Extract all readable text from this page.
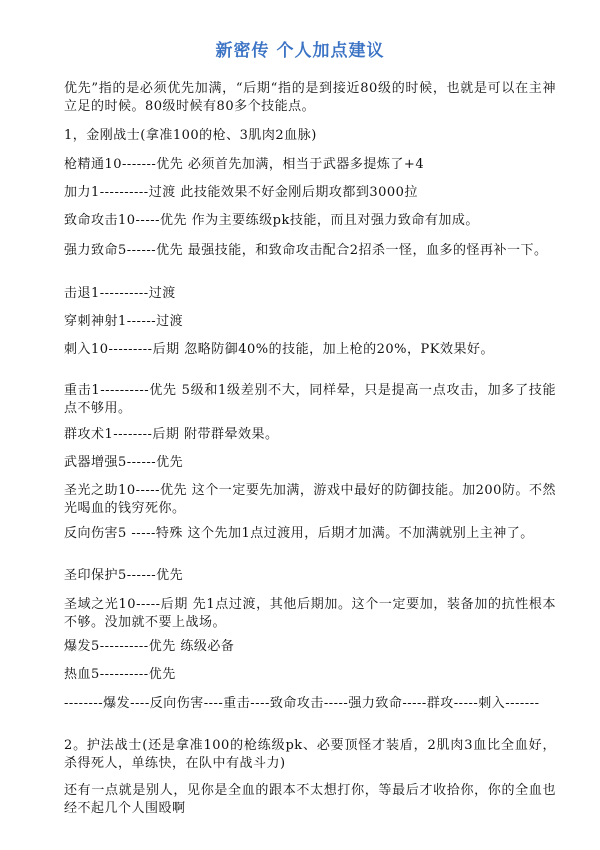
新密传 个人加点建议
优先”指的是必须优先加满，“后期“指的是到接近80级的时候，也就是可以在主神立足的时候。80级时候有80多个技能点。
1，金刚战士(拿准100的枪、3肌肉2血脉)
枪精通10-------优先 必须首先加满，相当于武器多提炼了+4
加力1----------过渡 此技能效果不好金刚后期攻都到3000拉
致命攻击10-----优先 作为主要练级pk技能，而且对强力致命有加成。
强力致命5------优先 最强技能，和致命攻击配合2招杀一怪，血多的怪再补一下。
击退1----------过渡
穿刺神射1------过渡
刺入10---------后期 忽略防御40%的技能，加上枪的20%，PK效果好。
重击1----------优先 5级和1级差别不大，同样晕，只是提高一点攻击，加多了技能点不够用。
群攻术1--------后期 附带群晕效果。
武器增强5------优先
圣光之助10-----优先 这个一定要先加满，游戏中最好的防御技能。加200防。不然光喝血的钱穷死你。
反向伤害5 -----特殊 这个先加1点过渡用，后期才加满。不加满就别上主神了。
圣印保护5------优先
圣域之光10-----后期 先1点过渡，其他后期加。这个一定要加，装备加的抗性根本不够。没加就不要上战场。
爆发5----------优先 练级必备
热血5----------优先
--------爆发----反向伤害----重击----致命攻击-----强力致命-----群攻-----刺入-------
2。护法战士(还是拿准100的枪练级pk、必要顶怪才装盾，2肌肉3血比全血好，杀得死人，单练快，在队中有战斗力)
还有一点就是别人，见你是全血的跟本不太想打你，等最后才收拾你，你的全血也经不起几个人围殴啊
